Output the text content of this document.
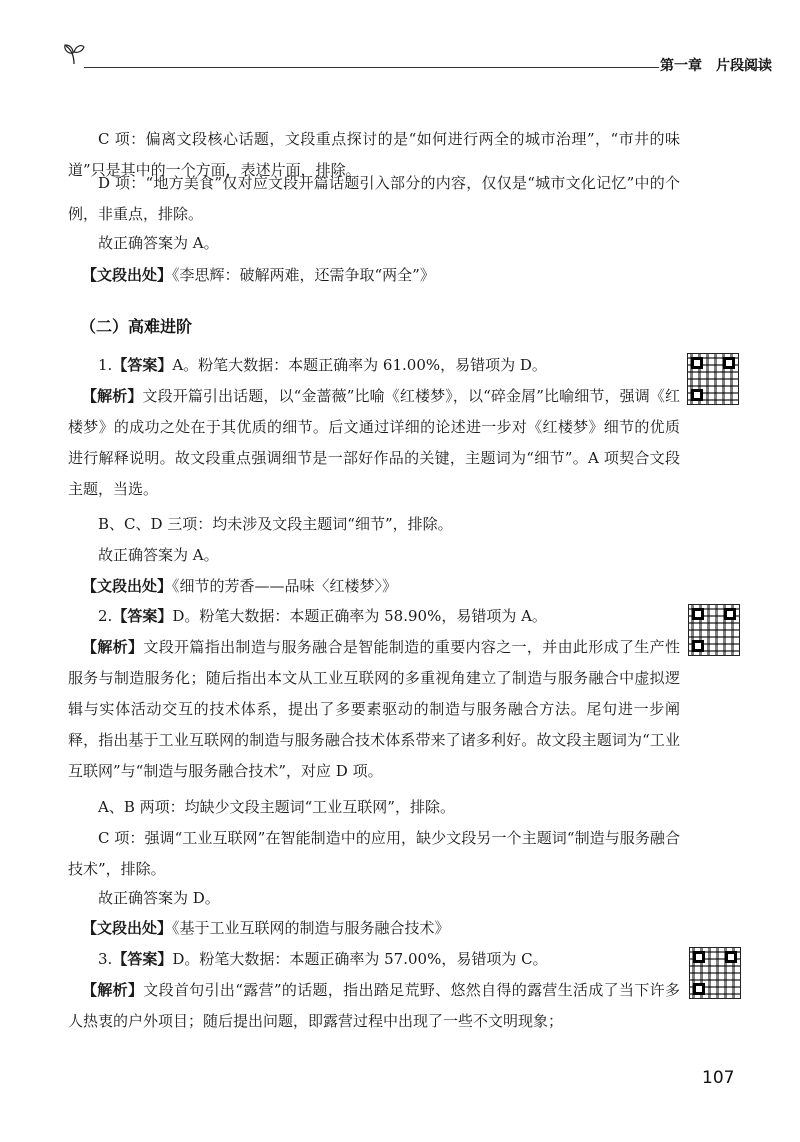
第一章　片段阅读

C 项：偏离文段核心话题，文段重点探讨的是“如何进行两全的城市治理”，“市井的味道”只是其中的一个方面，表述片面，排除。

D 项：“地方美食”仅对应文段开篇话题引入部分的内容，仅仅是“城市文化记忆”中的个例，非重点，排除。

故正确答案为 A。

【文段出处】《李思辉：破解两难，还需争取“两全”》

（二）高难进阶

1.【答案】A。粉笔大数据：本题正确率为 61.00%，易错项为 D。

【解析】文段开篇引出话题，以“金蔷薇”比喻《红楼梦》，以“碎金屑”比喻细节，强调《红楼梦》的成功之处在于其优质的细节。后文通过详细的论述进一步对《红楼梦》细节的优质进行解释说明。故文段重点强调细节是一部好作品的关键，主题词为“细节”。A 项契合文段主题，当选。

B、C、D 三项：均未涉及文段主题词“细节”，排除。

故正确答案为 A。

【文段出处】《细节的芳香——品味〈红楼梦〉》

2.【答案】D。粉笔大数据：本题正确率为 58.90%，易错项为 A。

【解析】文段开篇指出制造与服务融合是智能制造的重要内容之一，并由此形成了生产性服务与制造服务化；随后指出本文从工业互联网的多重视角建立了制造与服务融合中虚拟逻辑与实体活动交互的技术体系，提出了多要素驱动的制造与服务融合方法。尾句进一步阐释，指出基于工业互联网的制造与服务融合技术体系带来了诸多利好。故文段主题词为“工业互联网”与“制造与服务融合技术”，对应 D 项。

A、B 两项：均缺少文段主题词“工业互联网”，排除。

C 项：强调“工业互联网”在智能制造中的应用，缺少文段另一个主题词“制造与服务融合技术”，排除。

故正确答案为 D。

【文段出处】《基于工业互联网的制造与服务融合技术》

3.【答案】D。粉笔大数据：本题正确率为 57.00%，易错项为 C。

【解析】文段首句引出“露营”的话题，指出踏足荒野、悠然自得的露营生活成了当下许多人热衷的户外项目；随后提出问题，即露营过程中出现了一些不文明现象；

107
